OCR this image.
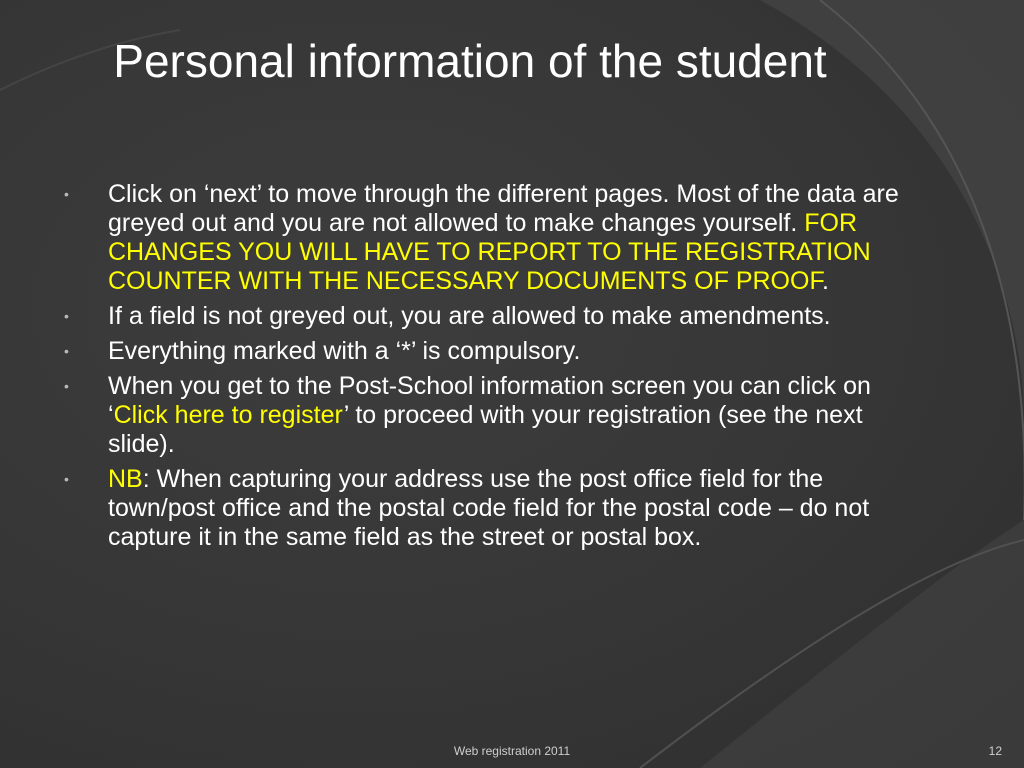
Personal information of the student
•	Click on ‘next’ to move through the different pages. Most of the data are greyed out and you are not allowed to make changes yourself. FOR CHANGES YOU WILL HAVE TO REPORT TO THE REGISTRATION COUNTER WITH THE NECESSARY DOCUMENTS OF PROOF.
•	If a field is not greyed out, you are allowed to make amendments.
•	Everything marked with a ‘*’ is compulsory.
•	When you get to the Post-School information screen you can click on ‘Click here to register’ to proceed with your registration (see the next slide).
•	NB: When capturing your address use the post office field for the town/post office and the postal code field for the postal code – do not capture it in the same field as the street or postal box.
Web registration 2011	12
